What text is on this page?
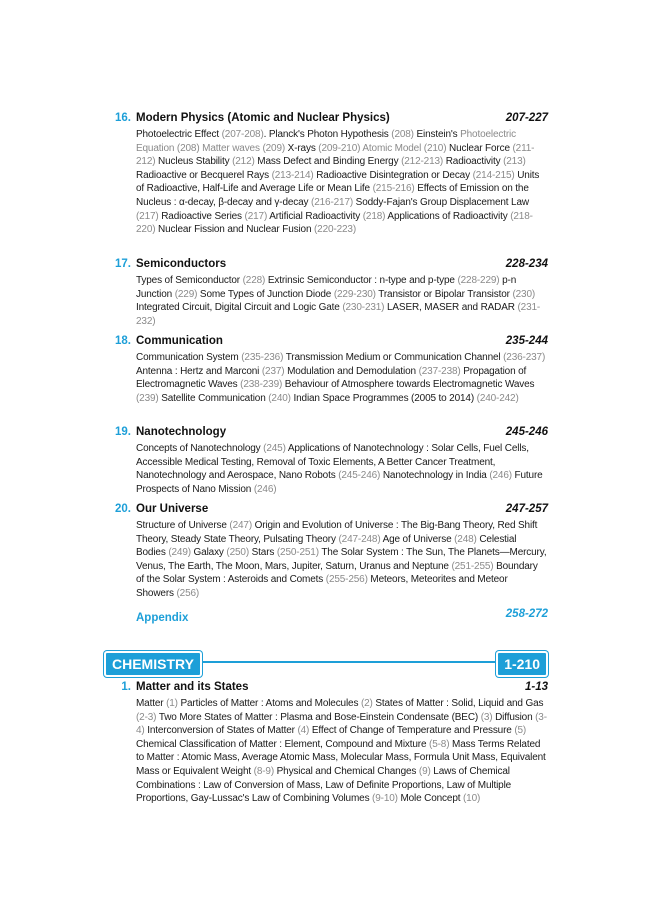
16. Modern Physics (Atomic and Nuclear Physics)	207-227
Photoelectric Effect (207-208). Planck's Photon Hypothesis (208) Einstein's Photoelectric Equation (208) Matter waves (209) X-rays (209-210) Atomic Model (210) Nuclear Force (211-212) Nucleus Stability (212) Mass Defect and Binding Energy (212-213) Radioactivity (213) Radioactive or Becquerel Rays (213-214) Radioactive Disintegration or Decay (214-215) Units of Radioactive, Half-Life and Average Life or Mean Life (215-216) Effects of Emission on the Nucleus : α-decay, β-decay and γ-decay (216-217) Soddy-Fajan's Group Displacement Law (217) Radioactive Series (217) Artificial Radioactivity (218) Applications of Radioactivity (218-220) Nuclear Fission and Nuclear Fusion (220-223)
17. Semiconductors	228-234
Types of Semiconductor (228) Extrinsic Semiconductor : n-type and p-type (228-229) p-n Junction (229) Some Types of Junction Diode (229-230) Transistor or Bipolar Transistor (230) Integrated Circuit, Digital Circuit and Logic Gate (230-231) LASER, MASER and RADAR (231-232)
18. Communication	235-244
Communication System (235-236) Transmission Medium or Communication Channel (236-237) Antenna : Hertz and Marconi (237) Modulation and Demodulation (237-238) Propagation of Electromagnetic Waves (238-239) Behaviour of Atmosphere towards Electromagnetic Waves (239) Satellite Communication (240) Indian Space Programmes (2005 to 2014) (240-242)
19. Nanotechnology	245-246
Concepts of Nanotechnology (245) Applications of Nanotechnology : Solar Cells, Fuel Cells, Accessible Medical Testing, Removal of Toxic Elements, A Better Cancer Treatment, Nanotechnology and Aerospace, Nano Robots (245-246) Nanotechnology in India (246) Future Prospects of Nano Mission (246)
20. Our Universe	247-257
Structure of Universe (247) Origin and Evolution of Universe : The Big-Bang Theory, Red Shift Theory, Steady State Theory, Pulsating Theory (247-248) Age of Universe (248) Celestial Bodies (249) Galaxy (250) Stars (250-251) The Solar System : The Sun, The Planets—Mercury, Venus, The Earth, The Moon, Mars, Jupiter, Saturn, Uranus and Neptune (251-255) Boundary of the Solar System : Asteroids and Comets (255-256) Meteors, Meteorites and Meteor Showers (256)
Appendix	258-272
CHEMISTRY	1-210
1. Matter and its States	1-13
Matter (1) Particles of Matter : Atoms and Molecules (2) States of Matter : Solid, Liquid and Gas (2-3) Two More States of Matter : Plasma and Bose-Einstein Condensate (BEC) (3) Diffusion (3-4) Interconversion of States of Matter (4) Effect of Change of Temperature and Pressure (5) Chemical Classification of Matter : Element, Compound and Mixture (5-8) Mass Terms Related to Matter : Atomic Mass, Average Atomic Mass, Molecular Mass, Formula Unit Mass, Equivalent Mass or Equivalent Weight (8-9) Physical and Chemical Changes (9) Laws of Chemical Combinations : Law of Conversion of Mass, Law of Definite Proportions, Law of Multiple Proportions, Gay-Lussac's Law of Combining Volumes (9-10) Mole Concept (10)
